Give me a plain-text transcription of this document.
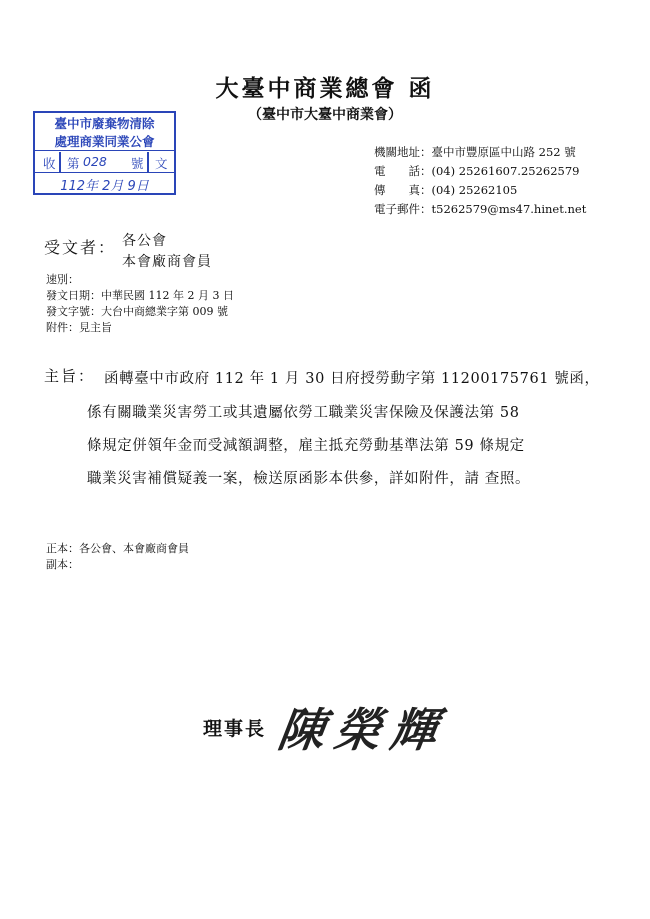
大臺中商業總會 函
（臺中市大臺中商業會）
臺中市廢棄物清除
處理商業同業公會
收 第 028 號 文
112年 2月 9日
機關地址：臺中市豐原區中山路 252 號
電　　話：(04) 25261607.25262579
傳　　真：(04) 25262105
電子郵件：t5262579@ms47.hinet.net
受文者： 各公會
本會廠商會員
速別：
發文日期：中華民國 112 年 2 月 3 日
發文字號：大台中商總業字第 009 號
附件：見主旨
主旨： 函轉臺中市政府 112 年 1 月 30 日府授勞動字第 11200175761 號函，
係有關職業災害勞工或其遺屬依勞工職業災害保險及保護法第 58
條規定併領年金而受減額調整，雇主抵充勞動基準法第 59 條規定
職業災害補償疑義一案，檢送原函影本供參，詳如附件，請 查照。
正本：各公會、本會廠商會員
副本：
理事長 陳榮輝
